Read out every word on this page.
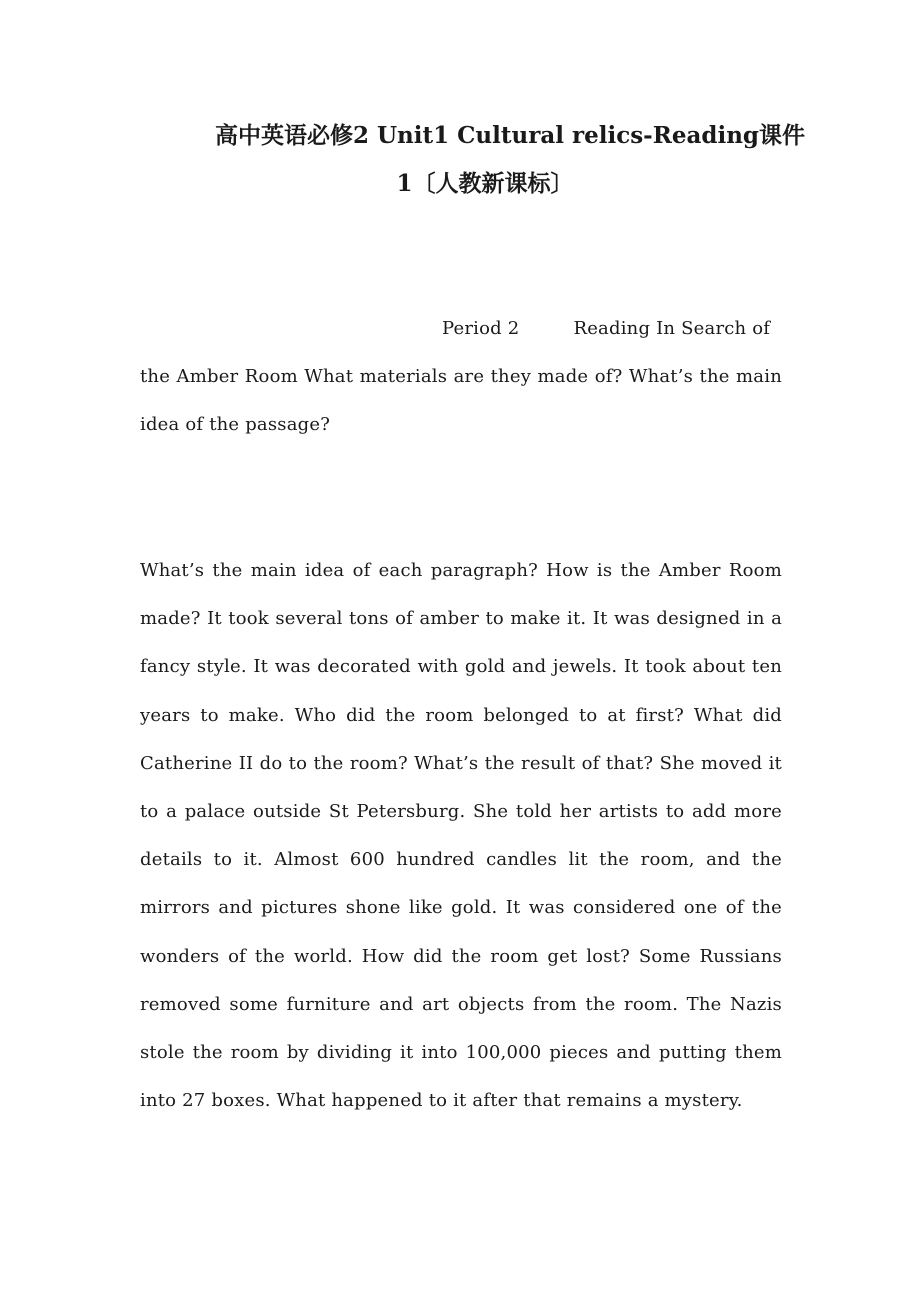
高中英语必修2 Unit1 Cultural relics-Reading课件
1〔人教新课标〕
Period 2	Reading In Search of

the Amber Room What materials are they made of? What’s the main idea of the passage?

What’s the main idea of each paragraph? How is the Amber Room made? It took several tons of amber to make it. It was designed in a fancy style. It was decorated with gold and jewels. It took about ten years to make. Who did the room belonged to at first? What did Catherine II do to the room? What’s the result of that? She moved it to a palace outside St Petersburg. She told her artists to add more details to it. Almost 600 hundred candles lit the room, and the mirrors and pictures shone like gold. It was considered one of the wonders of the world. How did the room get lost? Some Russians removed some furniture and art objects from the room. The Nazis stole the room by dividing it into 100,000 pieces and putting them into 27 boxes. What happened to it after that remains a mystery.
